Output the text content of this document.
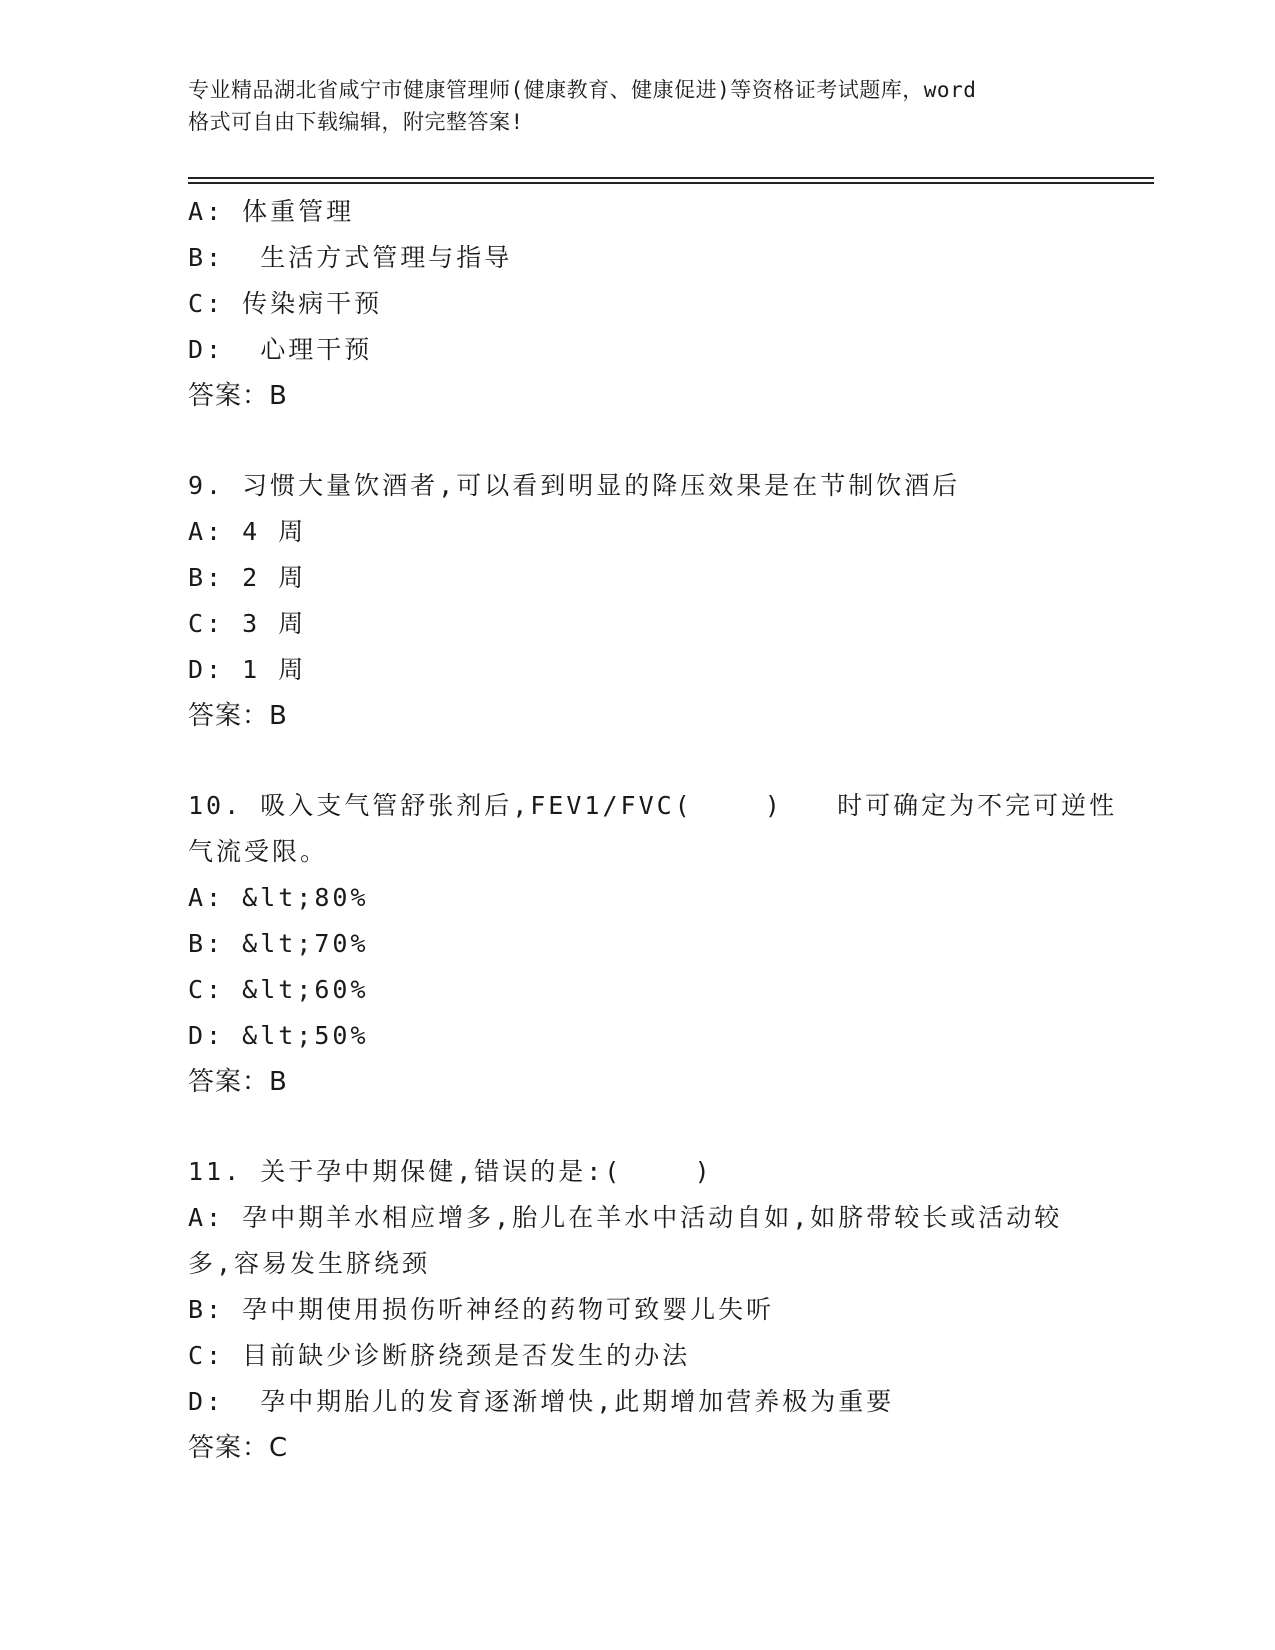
专业精品湖北省咸宁市健康管理师(健康教育、健康促进)等资格证考试题库，word
格式可自由下载编辑，附完整答案!
A: 体重管理
B:  生活方式管理与指导
C: 传染病干预
D:  心理干预
答案：B
9. 习惯大量饮酒者,可以看到明显的降压效果是在节制饮酒后
A: 4 周
B: 2 周
C: 3 周
D: 1 周
答案：B
10. 吸入支气管舒张剂后,FEV1/FVC(    )   时可确定为不完可逆性
气流受限。
A: &lt;80%
B: &lt;70%
C: &lt;60%
D: &lt;50%
答案：B
11. 关于孕中期保健,错误的是:(    )
A: 孕中期羊水相应增多,胎儿在羊水中活动自如,如脐带较长或活动较
多,容易发生脐绕颈
B: 孕中期使用损伤听神经的药物可致婴儿失听
C: 目前缺少诊断脐绕颈是否发生的办法
D:  孕中期胎儿的发育逐渐增快,此期增加营养极为重要
答案：C
